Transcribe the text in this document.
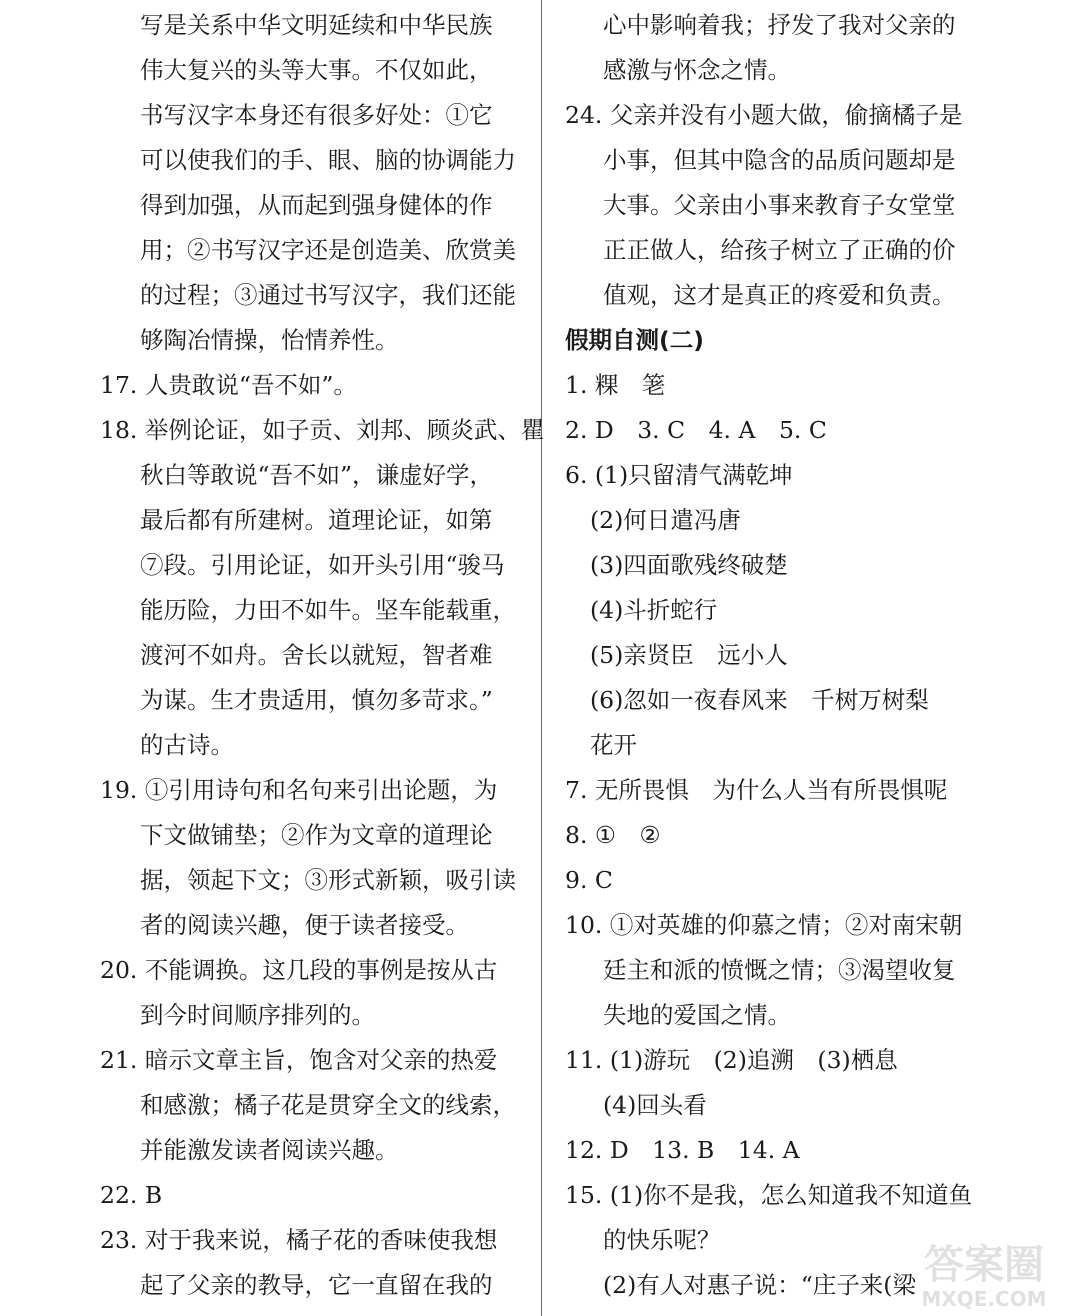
写是关系中华文明延续和中华民族
伟大复兴的头等大事。不仅如此，
书写汉字本身还有很多好处：①它
可以使我们的手、眼、脑的协调能力
得到加强，从而起到强身健体的作
用；②书写汉字还是创造美、欣赏美
的过程；③通过书写汉字，我们还能
够陶冶情操，怡情养性。
17. 人贵敢说“吾不如”。
18. 举例论证，如子贡、刘邦、顾炎武、瞿
秋白等敢说“吾不如”，谦虚好学，
最后都有所建树。道理论证，如第
⑦段。引用论证，如开头引用“骏马
能历险，力田不如牛。坚车能载重，
渡河不如舟。舍长以就短，智者难
为谋。生才贵适用，慎勿多苛求。”
的古诗。
19. ①引用诗句和名句来引出论题，为
下文做铺垫；②作为文章的道理论
据，领起下文；③形式新颖，吸引读
者的阅读兴趣，便于读者接受。
20. 不能调换。这几段的事例是按从古
到今时间顺序排列的。
21. 暗示文章主旨，饱含对父亲的热爱
和感激；橘子花是贯穿全文的线索，
并能激发读者阅读兴趣。
22. B
23. 对于我来说，橘子花的香味使我想
起了父亲的教导，它一直留在我的
心中影响着我；抒发了我对父亲的
感激与怀念之情。
24. 父亲并没有小题大做，偷摘橘子是
小事，但其中隐含的品质问题却是
大事。父亲由小事来教育子女堂堂
正正做人，给孩子树立了正确的价
值观，这才是真正的疼爱和负责。
假期自测(二)
1. 粿　䇭
2. D　3. C　4. A　5. C
6. (1)只留清气满乾坤
(2)何日遣冯唐
(3)四面歌残终破楚
(4)斗折蛇行
(5)亲贤臣　远小人
(6)忽如一夜春风来　千树万树梨
花开
7. 无所畏惧　为什么人当有所畏惧呢
8. ①　②
9. C
10. ①对英雄的仰慕之情；②对南宋朝
廷主和派的愤慨之情；③渴望收复
失地的爱国之情。
11. (1)游玩　(2)追溯　(3)栖息
(4)回头看
12. D　13. B　14. A
15. (1)你不是我，怎么知道我不知道鱼
的快乐呢？
(2)有人对惠子说：“庄子来(梁 答案圈
MXQE.COM
